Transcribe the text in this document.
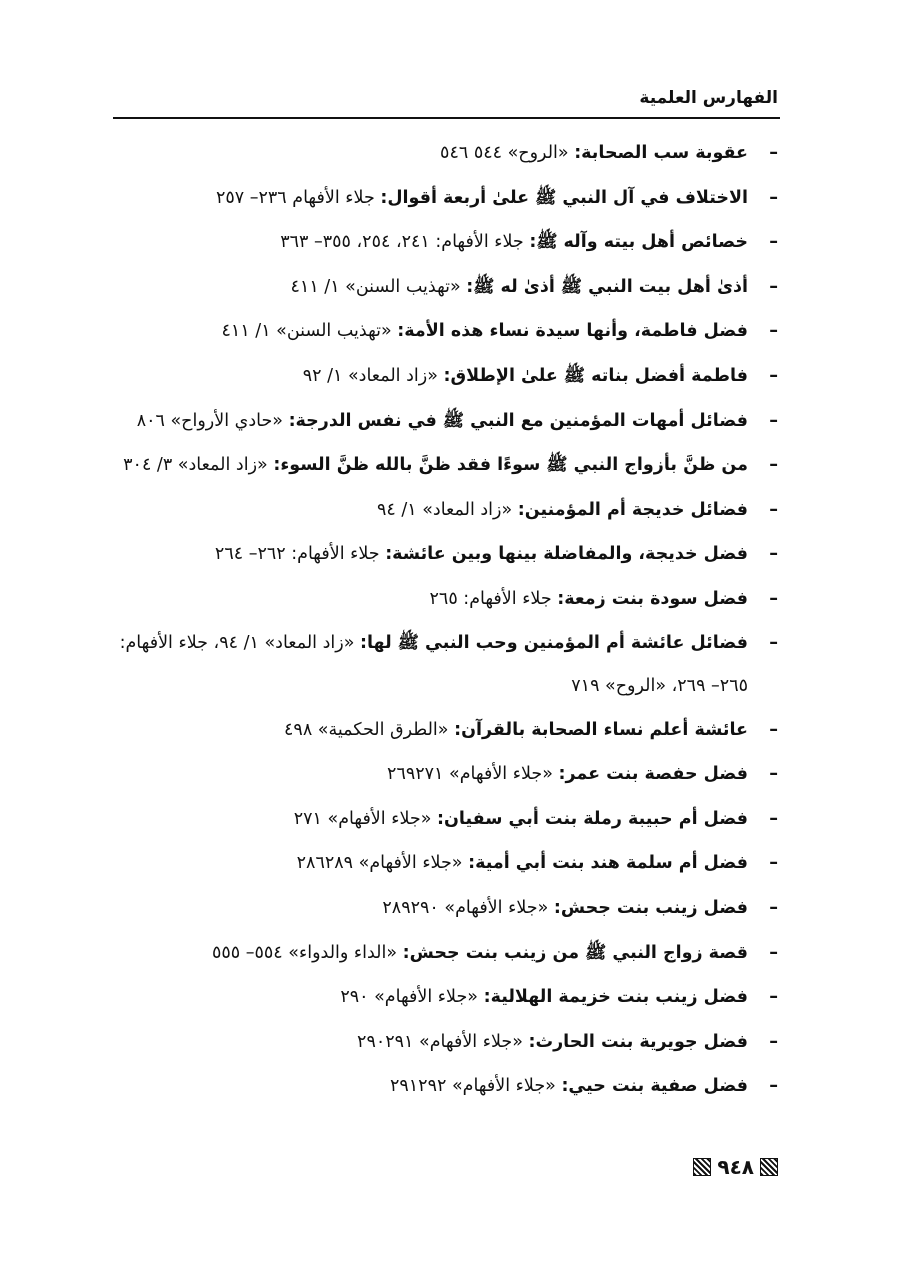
الفهارس العلمية
–
عقوبة سب الصحابة: «الروح» ٥٤٤ ٥٤٦
–
الاختلاف في آل النبي ﷺ علىٰ أربعة أقوال: جلاء الأفهام ٢٣٦– ٢٥٧
–
خصائص أهل بيته وآله ﷺ: جلاء الأفهام: ٢٤١، ٢٥٤، ٣٥٥– ٣٦٣
–
أذىٰ أهل بيت النبي ﷺ أذىٰ له ﷺ: «تهذيب السنن» ١/ ٤١١
–
فضل فاطمة، وأنها سيدة نساء هذه الأمة: «تهذيب السنن» ١/ ٤١١
–
فاطمة أفضل بناته ﷺ علىٰ الإطلاق: «زاد المعاد» ١/ ٩٢
–
فضائل أمهات المؤمنين مع النبي ﷺ في نفس الدرجة: «حادي الأرواح» ٨٠٦
–
من ظنَّ بأزواج النبي ﷺ سوءًا فقد ظنَّ بالله ظنَّ السوء: «زاد المعاد» ٣/ ٣٠٤
–
فضائل خديجة أم المؤمنين: «زاد المعاد» ١/ ٩٤
–
فضل خديجة، والمفاضلة بينها وبين عائشة: جلاء الأفهام: ٢٦٢– ٢٦٤
–
فضل سودة بنت زمعة: جلاء الأفهام: ٢٦٥
–
فضائل عائشة أم المؤمنين وحب النبي ﷺ لها: «زاد المعاد» ١/ ٩٤، جلاء الأفهام: ٢٦٥– ٢٦٩، «الروح» ٧١٩
–
عائشة أعلم نساء الصحابة بالقرآن: «الطرق الحكمية» ٤٩٨
–
فضل حفصة بنت عمر: «جلاء الأفهام» ٢٦٩٢٧١
–
فضل أم حبيبة رملة بنت أبي سفيان: «جلاء الأفهام» ٢٧١
–
فضل أم سلمة هند بنت أبي أمية: «جلاء الأفهام» ٢٨٦٢٨٩
–
فضل زينب بنت جحش: «جلاء الأفهام» ٢٨٩٢٩٠
–
قصة زواج النبي ﷺ من زينب بنت جحش: «الداء والدواء» ٥٥٤– ٥٥٥
–
فضل زينب بنت خزيمة الهلالية: «جلاء الأفهام» ٢٩٠
–
فضل جويرية بنت الحارث: «جلاء الأفهام» ٢٩٠٢٩١
–
فضل صفية بنت حيي: «جلاء الأفهام» ٢٩١٢٩٢
٩٤٨
